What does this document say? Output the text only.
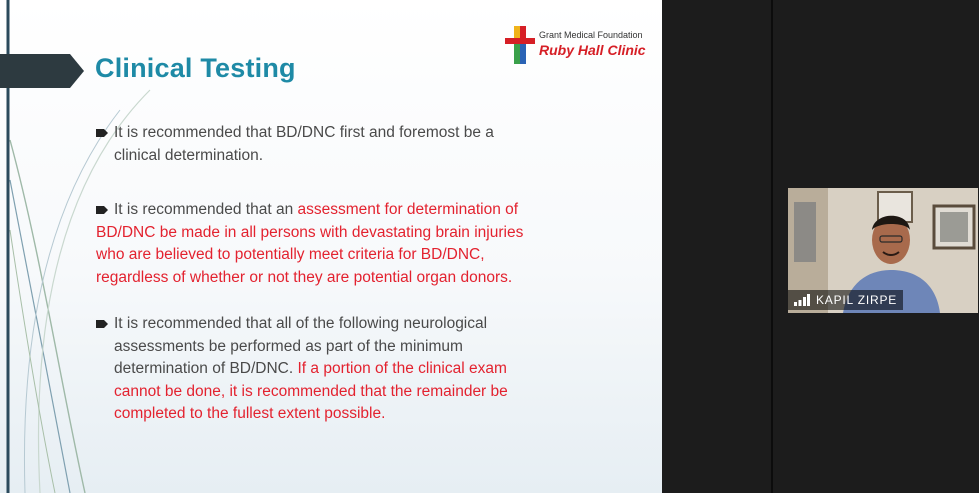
Clinical Testing
Grant Medical Foundation
Ruby Hall Clinic
It is recommended that BD/DNC first and foremost be a
clinical determination.
It is recommended that an assessment for determination of
BD/DNC be made in all persons with devastating brain injuries
who are believed to potentially meet criteria for BD/DNC,
regardless of whether or not they are potential organ donors.
It is recommended that all of the following neurological
assessments be performed as part of the minimum
determination of BD/DNC. If a portion of the clinical exam
cannot be done, it is recommended that the remainder be
completed to the fullest extent possible.
KAPIL ZIRPE
